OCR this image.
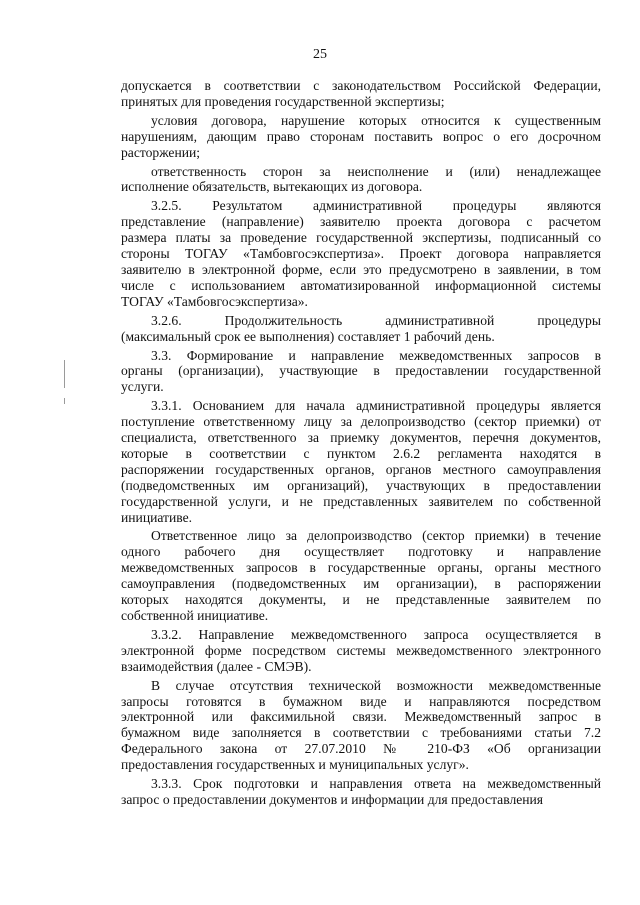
25
допускается в соответствии с законодательством Российской Федерации,
принятых для проведения государственной экспертизы;
условия договора, нарушение которых относится к существенным
нарушениям, дающим право сторонам поставить вопрос о его досрочном
расторжении;
ответственность сторон за неисполнение и (или) ненадлежащее
исполнение обязательств, вытекающих из договора.
3.2.5. Результатом административной процедуры являются
представление (направление) заявителю проекта договора с расчетом
размера платы за проведение государственной экспертизы, подписанный со
стороны ТОГАУ «Тамбовгосэкспертиза». Проект договора направляется
заявителю в электронной форме, если это предусмотрено в заявлении, в том
числе с использованием автоматизированной информационной системы
ТОГАУ «Тамбовгосэкспертиза».
3.2.6. Продолжительность административной процедуры
(максимальный срок ее выполнения) составляет 1 рабочий день.
3.3. Формирование и направление межведомственных запросов в
органы (организации), участвующие в предоставлении государственной
услуги.
3.3.1. Основанием для начала административной процедуры является
поступление ответственному лицу за делопроизводство (сектор приемки) от
специалиста, ответственного за приемку документов, перечня документов,
которые в соответствии с пунктом 2.6.2 регламента находятся в
распоряжении государственных органов, органов местного самоуправления
(подведомственных им организаций), участвующих в предоставлении
государственной услуги, и не представленных заявителем по собственной
инициативе.
Ответственное лицо за делопроизводство (сектор приемки) в течение
одного рабочего дня осуществляет подготовку и направление
межведомственных запросов в государственные органы, органы местного
самоуправления (подведомственных им организации), в распоряжении
которых находятся документы, и не представленные заявителем по
собственной инициативе.
3.3.2. Направление межведомственного запроса осуществляется в
электронной форме посредством системы межведомственного электронного
взаимодействия (далее - СМЭВ).
В случае отсутствия технической возможности межведомственные
запросы готовятся в бумажном виде и направляются посредством
электронной или факсимильной связи. Межведомственный запрос в
бумажном виде заполняется в соответствии с требованиями статьи 7.2
Федерального закона от 27.07.2010 № 210-ФЗ «Об организации
предоставления государственных и муниципальных услуг».
3.3.3. Срок подготовки и направления ответа на межведомственный
запрос о предоставлении документов и информации для предоставления
